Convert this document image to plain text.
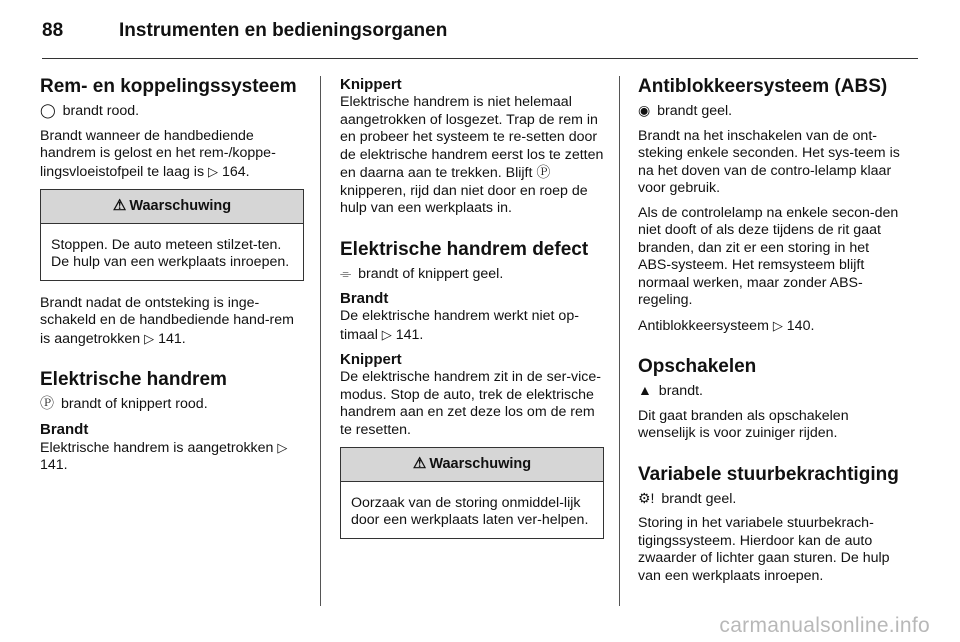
88	Instrumenten en bedieningsorganen
Rem- en koppelingssysteem

◯ brandt rood.

Brandt wanneer de handbediende handrem is gelost en het rem-/koppe-lingsvloeistofpeil te laag is ▷ 164.

⚠ Waarschuwing
Stoppen. De auto meteen stilzet-ten. De hulp van een werkplaats inroepen.

Brandt nadat de ontsteking is inge-schakeld en de handbediende hand-rem is aangetrokken ▷ 141.

Elektrische handrem

Ⓟ brandt of knippert rood.

Brandt

Elektrische handrem is aangetrokken ▷ 141.

Knippert

Elektrische handrem is niet helemaal aangetrokken of losgezet. Trap de rem in en probeer het systeem te re-setten door de elektrische handrem eerst los te zetten en daarna aan te trekken. Blijft Ⓟ knipperen, rijd dan niet door en roep de hulp van een werkplaats in.

Elektrische handrem defect

⌯ brandt of knippert geel.

Brandt

De elektrische handrem werkt niet op-timaal ▷ 141.

Knippert

De elektrische handrem zit in de ser-vice-modus. Stop de auto, trek de elektrische handrem aan en zet deze los om de rem te resetten.

⚠ Waarschuwing
Oorzaak van de storing onmiddel-lijk door een werkplaats laten ver-helpen.
Antiblokkeersysteem (ABS)

◉ brandt geel.

Brandt na het inschakelen van de ont-steking enkele seconden. Het sys-teem is na het doven van de contro-lelamp klaar voor gebruik.

Als de controlelamp na enkele secon-den niet dooft of als deze tijdens de rit gaat branden, dan zit er een storing in het ABS-systeem. Het remsysteem blijft normaal werken, maar zonder ABS-regeling.

Antiblokkeersysteem ▷ 140.

Opschakelen

▲ brandt.

Dit gaat branden als opschakelen wenselijk is voor zuiniger rijden.

Variabele stuurbekrachtiging

⚙! brandt geel.

Storing in het variabele stuurbekrach-tigingssysteem. Hierdoor kan de auto zwaarder of lichter gaan sturen. De hulp van een werkplaats inroepen.

carmanualsonline.info
